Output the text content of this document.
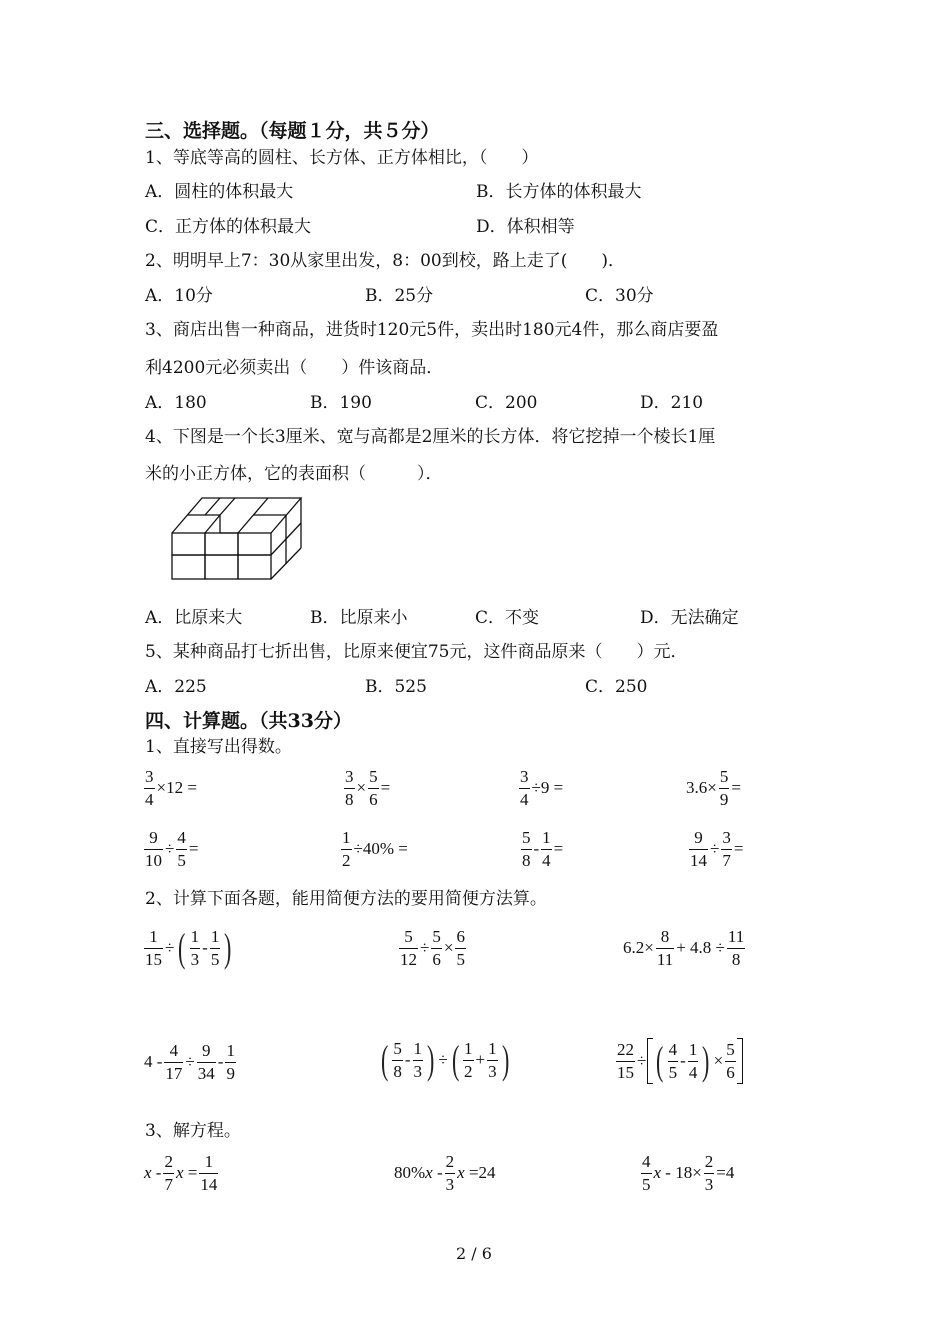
三、选择题。（每题１分，共５分）
1、等底等高的圆柱、长方体、正方体相比，（　　）
A．圆柱的体积最大	B．长方体的体积最大
C．正方体的体积最大	D．体积相等
2、明明早上7：30从家里出发，8：00到校，路上走了(　　)．
A．10分	B．25分	C．30分
3、商店出售一种商品，进货时120元5件，卖出时180元4件，那么商店要盈
利4200元必须卖出（　　）件该商品．
A．180	B．190	C．200	D．210
4、下图是一个长3厘米、宽与高都是2厘米的长方体．将它挖掉一个棱长1厘
米的小正方体，它的表面积（　　　）．
A．比原来大	B．比原来小	C．不变	D．无法确定
5、某种商品打七折出售，比原来便宜75元，这件商品原来（　　）元．
A．225	B．525	C．250
四、计算题。（共33分）
1、直接写出得数。
$\frac{3}{4} \times 12$ =	$\frac{3}{8} \times \frac{5}{6}$ =	$\frac{3}{4} \div 9$ =	$3.6\times \frac{5}{9}$ =
$\frac{9}{10} \div \frac{4}{5}$ =	$\frac{1}{2} \div 40\%$ =	$\frac{5}{8} - \frac{1}{4}$ =	$\frac{9}{14} \div \frac{3}{7}$ =
2、计算下面各题，能用简便方法的要用简便方法算。
$\frac{1}{15}$ ÷( $\frac{1}{3} - \frac{1}{5}$ )	$\frac{5}{12} \div \frac{5}{6} \times \frac{6}{5}$	$6.2\times \frac{8}{11} + 4.8 \div \frac{11}{8}$
$4 - \frac{4}{17} \div \frac{9}{34} - \frac{1}{9}$	( $\frac{5}{8} - \frac{1}{3}$ ) ÷( $\frac{1}{2} + \frac{1}{3}$ )	$\frac{22}{15}$ ÷ ( $\frac{4}{5} - \frac{1}{4}$ ) × $\frac{5}{6}$
3、解方程。
x - $\frac{2}{7}$ $x = \frac{1}{14}$	$80\%x - \frac{2}{3}$ x =24	$\frac{4}{5}$ $x - 18\times \frac{2}{3} =4$
2 / 6
